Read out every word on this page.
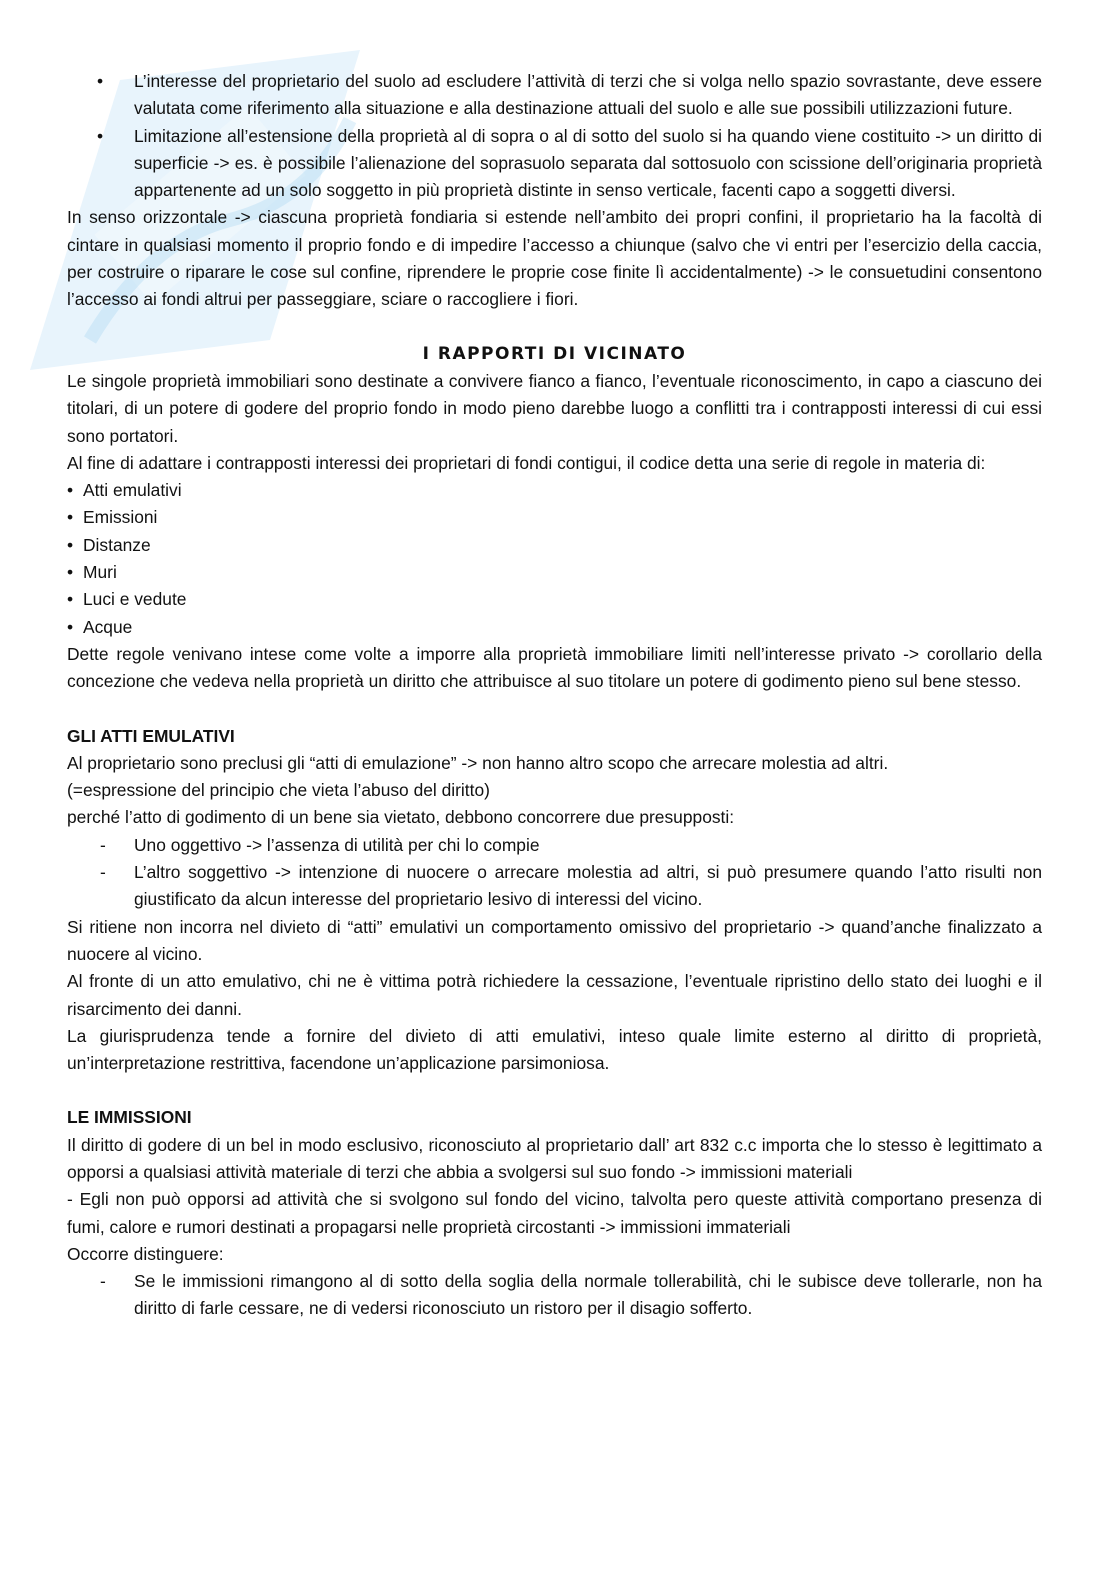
• L’interesse del proprietario del suolo ad escludere l’attività di terzi che si volga nello spazio sovrastante, deve essere valutata come riferimento alla situazione e alla destinazione attuali del suolo e alle sue possibili utilizzazioni future.
• Limitazione all’estensione della proprietà al di sopra o al di sotto del suolo si ha quando viene costituito -> un diritto di superficie -> es. è possibile l’alienazione del soprasuolo separata dal sottosuolo con scissione dell’originaria proprietà appartenente ad un solo soggetto in più proprietà distinte in senso verticale, facenti capo a soggetti diversi.

In senso orizzontale -> ciascuna proprietà fondiaria si estende nell’ambito dei propri confini, il proprietario ha la facoltà di cintare in qualsiasi momento il proprio fondo e di impedire l’accesso a chiunque (salvo che vi entri per l’esercizio della caccia, per costruire o riparare le cose sul confine, riprendere le proprie cose finite lì accidentalmente) -> le consuetudini consentono l’accesso ai fondi altrui per passeggiare, sciare o raccogliere i fiori.

I RAPPORTI DI VICINATO

Le singole proprietà immobiliari sono destinate a convivere fianco a fianco, l’eventuale riconoscimento, in capo a ciascuno dei titolari, di un potere di godere del proprio fondo in modo pieno darebbe luogo a conflitti tra i contrapposti interessi di cui essi sono portatori.

Al fine di adattare i contrapposti interessi dei proprietari di fondi contigui, il codice detta una serie di regole in materia di:

• Atti emulativi
• Emissioni
• Distanze
• Muri
• Luci e vedute
• Acque

Dette regole venivano intese come volte a imporre alla proprietà immobiliare limiti nell’interesse privato -> corollario della concezione che vedeva nella proprietà un diritto che attribuisce al suo titolare un potere di godimento pieno sul bene stesso.

GLI ATTI EMULATIVI

Al proprietario sono preclusi gli “atti di emulazione” -> non hanno altro scopo che arrecare molestia ad altri.

(=espressione del principio che vieta l’abuso del diritto)

perché l’atto di godimento di un bene sia vietato, debbono concorrere due presupposti:

- Uno oggettivo -> l’assenza di utilità per chi lo compie
- L’altro soggettivo -> intenzione di nuocere o arrecare molestia ad altri, si può presumere quando l’atto risulti non giustificato da alcun interesse del proprietario lesivo di interessi del vicino.

Si ritiene non incorra nel divieto di “atti” emulativi un comportamento omissivo del proprietario -> quand’anche finalizzato a nuocere al vicino.

Al fronte di un atto emulativo, chi ne è vittima potrà richiedere la cessazione, l’eventuale ripristino dello stato dei luoghi e il risarcimento dei danni.

La giurisprudenza tende a fornire del divieto di atti emulativi, inteso quale limite esterno al diritto di proprietà, un’interpretazione restrittiva, facendone un’applicazione parsimoniosa.

LE IMMISSIONI

Il diritto di godere di un bel in modo esclusivo, riconosciuto al proprietario dall’ art 832 c.c importa che lo stesso è legittimato a opporsi a qualsiasi attività materiale di terzi che abbia a svolgersi sul suo fondo -> immissioni materiali

- Egli non può opporsi ad attività che si svolgono sul fondo del vicino, talvolta pero queste attività comportano presenza di fumi, calore e rumori destinati a propagarsi nelle proprietà circostanti -> immissioni immateriali

Occorre distinguere:

- Se le immissioni rimangono al di sotto della soglia della normale tollerabilità, chi le subisce deve tollerarle, non ha diritto di farle cessare, ne di vedersi riconosciuto un ristoro per il disagio sofferto.
